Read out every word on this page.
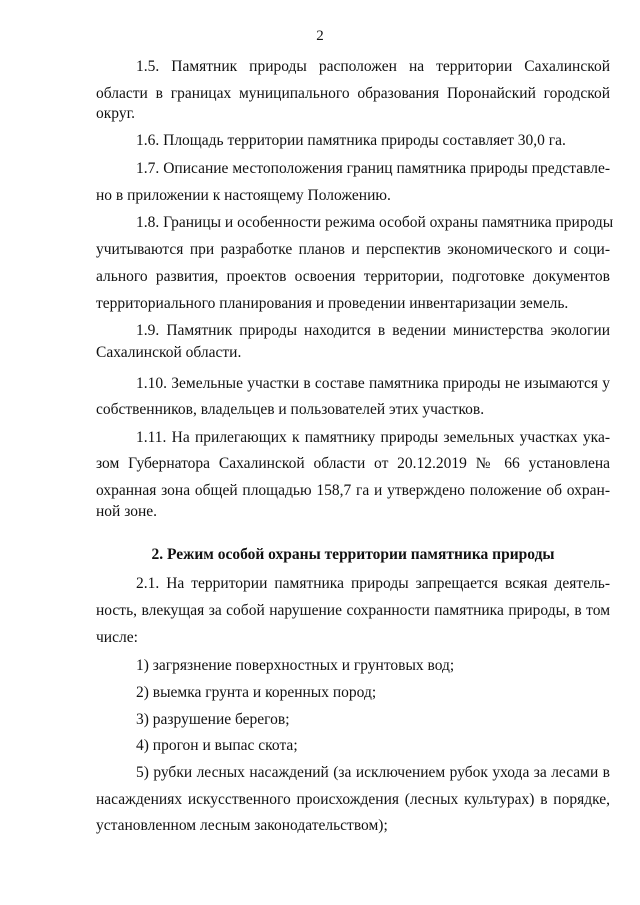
2
1.5. Памятник природы расположен на территории Сахалинской
области в границах муниципального образования Поронайский городской
округ.
1.6. Площадь территории памятника природы составляет 30,0 га.
1.7. Описание местоположения границ памятника природы представле-
но в приложении к настоящему Положению.
1.8. Границы и особенности режима особой охраны памятника природы
учитываются при разработке планов и перспектив экономического и соци-
ального развития, проектов освоения территории, подготовке документов
территориального планирования и проведении инвентаризации земель.
1.9. Памятник природы находится в ведении министерства экологии
Сахалинской области.
1.10. Земельные участки в составе памятника природы не изымаются у
собственников, владельцев и пользователей этих участков.
1.11. На прилегающих к памятнику природы земельных участках ука-
зом Губернатора Сахалинской области от 20.12.2019 № 66 установлена
охранная зона общей площадью 158,7 га и утверждено положение об охран-
ной зоне.
2. Режим особой охраны территории памятника природы
2.1. На территории памятника природы запрещается всякая деятель-
ность, влекущая за собой нарушение сохранности памятника природы, в том
числе:
1) загрязнение поверхностных и грунтовых вод;
2) выемка грунта и коренных пород;
3) разрушение берегов;
4) прогон и выпас скота;
5) рубки лесных насаждений (за исключением рубок ухода за лесами в
насаждениях искусственного происхождения (лесных культурах) в порядке,
установленном лесным законодательством);
